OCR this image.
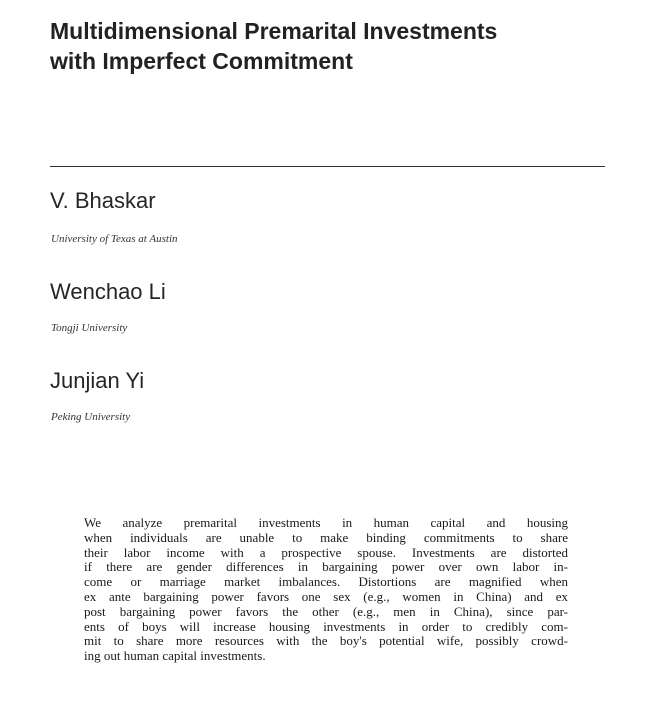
Multidimensional Premarital Investments
with Imperfect Commitment

V. Bhaskar

University of Texas at Austin

Wenchao Li

Tongji University

Junjian Yi

Peking University

We analyze premarital investments in human capital and housing
when individuals are unable to make binding commitments to share
their labor income with a prospective spouse. Investments are distorted
if there are gender differences in bargaining power over own labor in-
come or marriage market imbalances. Distortions are magnified when
ex ante bargaining power favors one sex (e.g., women in China) and ex
post bargaining power favors the other (e.g., men in China), since par-
ents of boys will increase housing investments in order to credibly com-
mit to share more resources with the boy's potential wife, possibly crowd-
ing out human capital investments.
